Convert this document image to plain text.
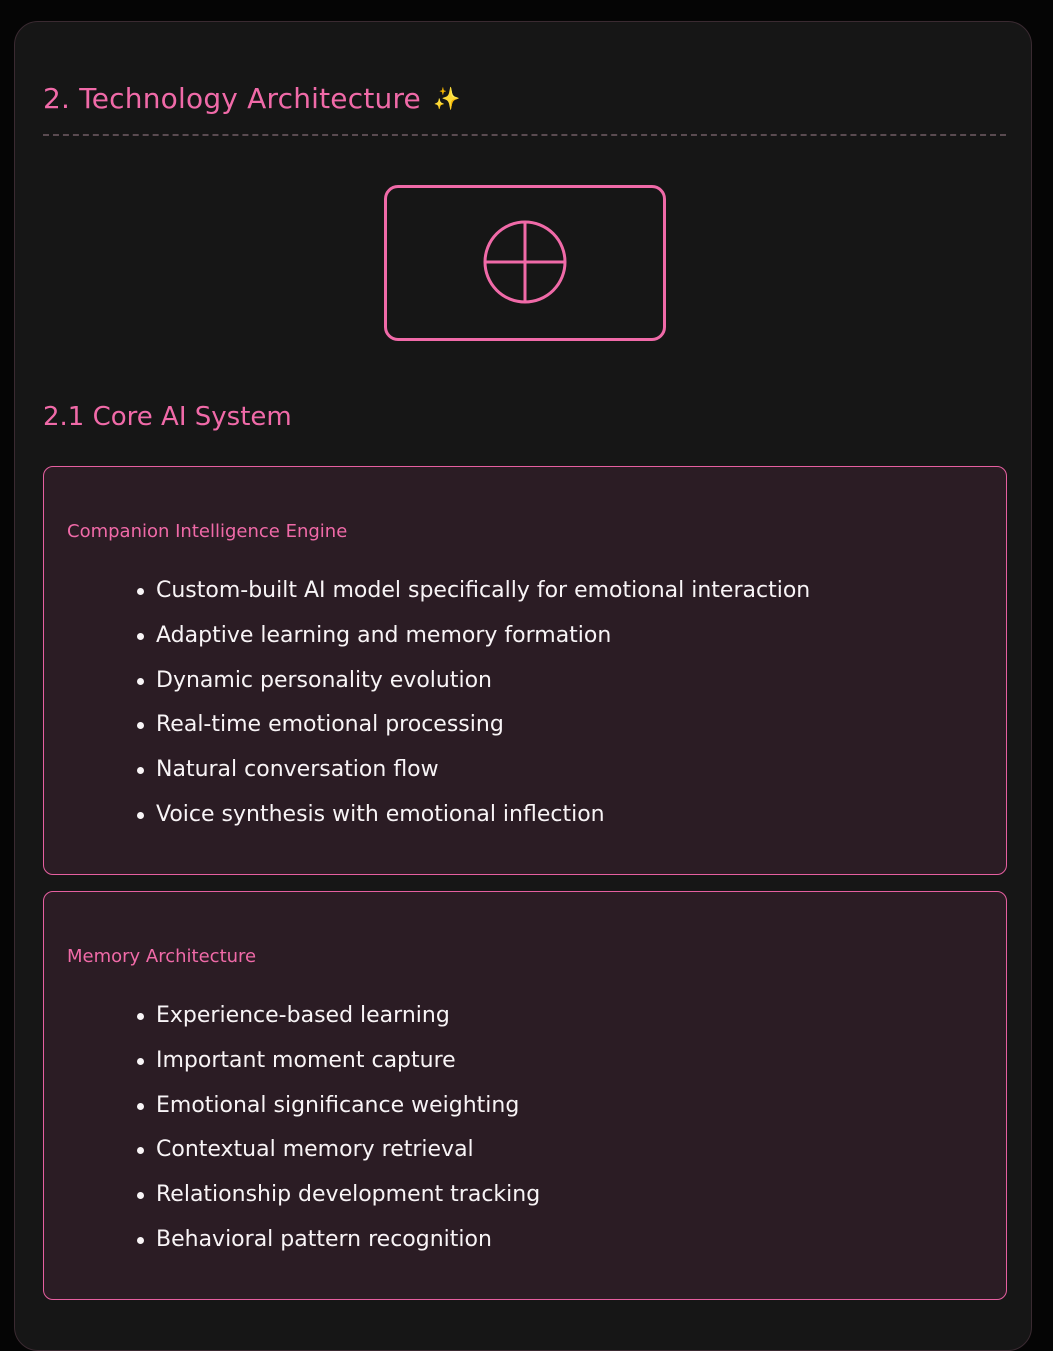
2. Technology Architecture ✨
2.1 Core AI System
Companion Intelligence Engine
Custom-built AI model specifically for emotional interaction
Adaptive learning and memory formation
Dynamic personality evolution
Real-time emotional processing
Natural conversation flow
Voice synthesis with emotional inflection
Memory Architecture
Experience-based learning
Important moment capture
Emotional significance weighting
Contextual memory retrieval
Relationship development tracking
Behavioral pattern recognition
